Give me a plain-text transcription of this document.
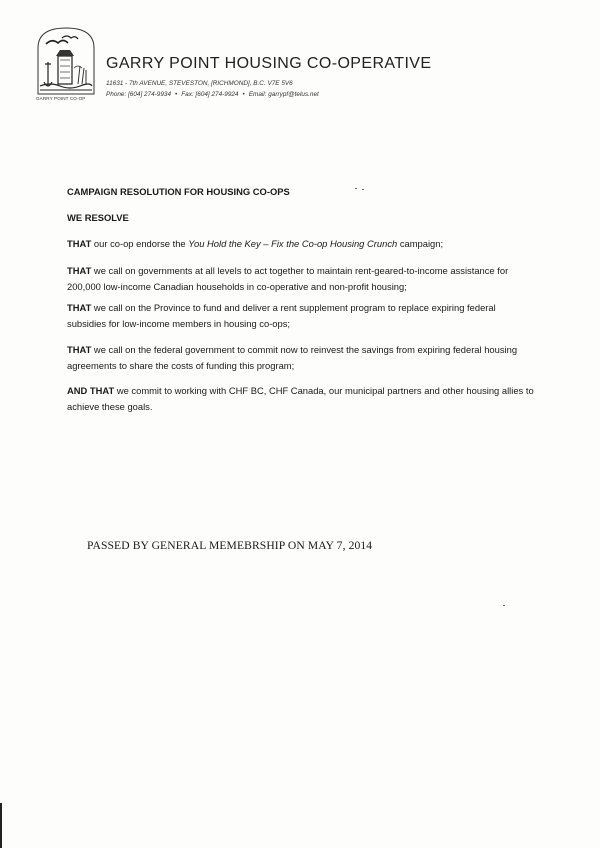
GARRY POINT CO-OP
GARRY POINT HOUSING CO-OPERATIVE
11631 - 7th AVENUE, STEVESTON, [RICHMOND], B.C. V7E 5V6
Phone: [604] 274-9934 • Fax: [604] 274-9924 • Email: garrypf@telus.net
CAMPAIGN RESOLUTION FOR HOUSING CO-OPS
WE RESOLVE
THAT our co-op endorse the You Hold the Key – Fix the Co-op Housing Crunch campaign;
THAT we call on governments at all levels to act together to maintain rent-geared-to-income assistance for 200,000 low-income Canadian households in co-operative and non-profit housing;
THAT we call on the Province to fund and deliver a rent supplement program to replace expiring federal subsidies for low-income members in housing co-ops;
THAT we call on the federal government to commit now to reinvest the savings from expiring federal housing agreements to share the costs of funding this program;
AND THAT we commit to working with CHF BC, CHF Canada, our municipal partners and other housing allies to achieve these goals.
PASSED BY GENERAL MEMEBRSHIP ON MAY 7, 2014
